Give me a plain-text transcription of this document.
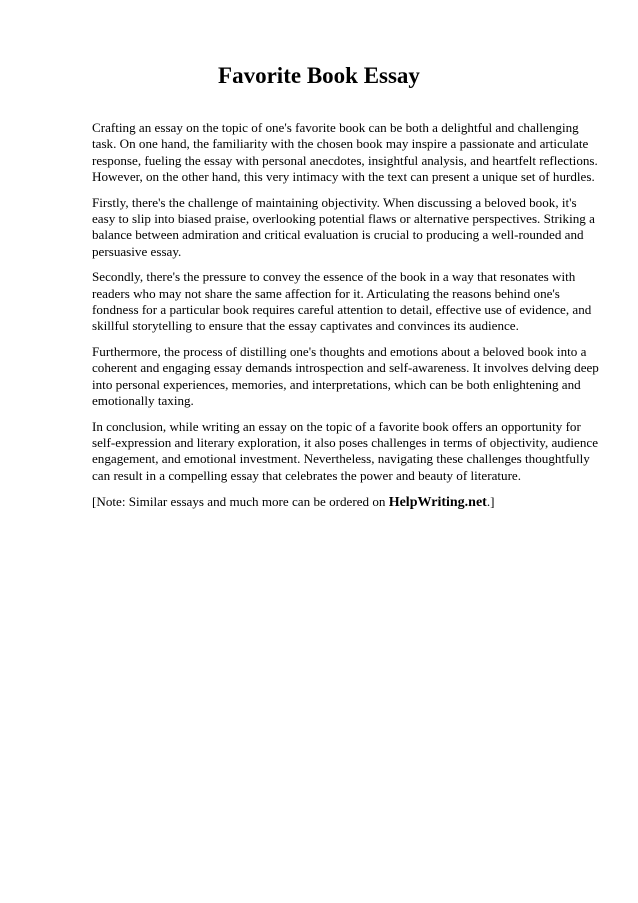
Favorite Book Essay

Crafting an essay on the topic of one's favorite book can be both a delightful and challenging
task. On one hand, the familiarity with the chosen book may inspire a passionate and articulate
response, fueling the essay with personal anecdotes, insightful analysis, and heartfelt reflections.
However, on the other hand, this very intimacy with the text can present a unique set of hurdles.

Firstly, there's the challenge of maintaining objectivity. When discussing a beloved book, it's
easy to slip into biased praise, overlooking potential flaws or alternative perspectives. Striking a
balance between admiration and critical evaluation is crucial to producing a well-rounded and
persuasive essay.

Secondly, there's the pressure to convey the essence of the book in a way that resonates with
readers who may not share the same affection for it. Articulating the reasons behind one's
fondness for a particular book requires careful attention to detail, effective use of evidence, and
skillful storytelling to ensure that the essay captivates and convinces its audience.

Furthermore, the process of distilling one's thoughts and emotions about a beloved book into a
coherent and engaging essay demands introspection and self-awareness. It involves delving deep
into personal experiences, memories, and interpretations, which can be both enlightening and
emotionally taxing.

In conclusion, while writing an essay on the topic of a favorite book offers an opportunity for
self-expression and literary exploration, it also poses challenges in terms of objectivity, audience
engagement, and emotional investment. Nevertheless, navigating these challenges thoughtfully
can result in a compelling essay that celebrates the power and beauty of literature.

[Note: Similar essays and much more can be ordered on HelpWriting.net.]
